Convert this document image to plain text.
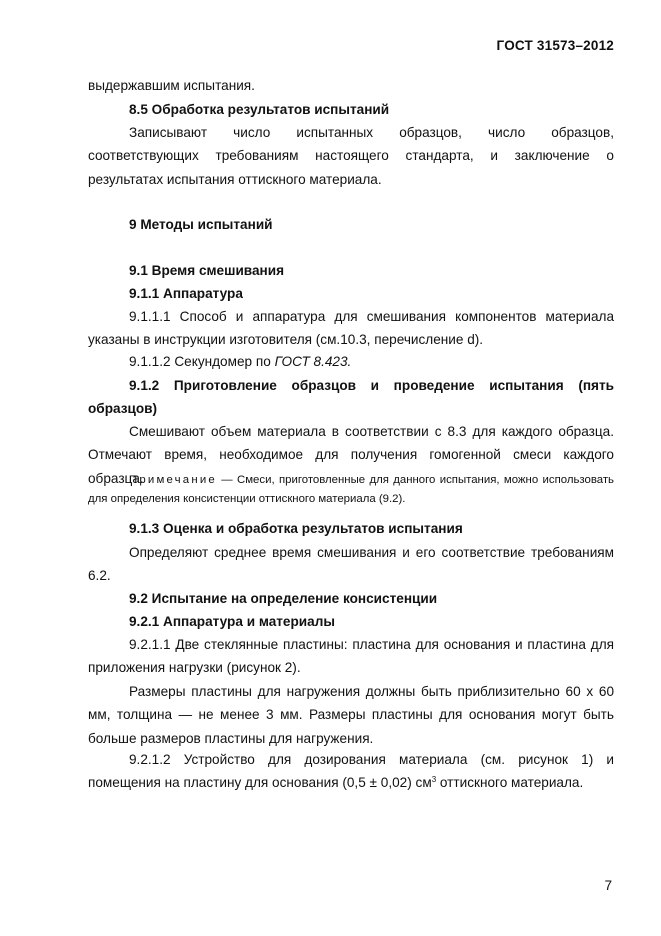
ГОСТ 31573–2012
выдержавшим испытания.
8.5 Обработка результатов испытаний
Записывают число испытанных образцов, число образцов, соответствующих требованиям настоящего стандарта, и заключение о результатах испытания оттискного материала.
9 Методы испытаний
9.1 Время смешивания
9.1.1 Аппаратура
9.1.1.1 Способ и аппаратура для смешивания компонентов материала указаны в инструкции изготовителя (см.10.3, перечисление d).
9.1.1.2 Секундомер по ГОСТ 8.423.
9.1.2 Приготовление образцов и проведение испытания (пять образцов)
Смешивают объем материала в соответствии с 8.3 для каждого образца. Отмечают время, необходимое для получения гомогенной смеси каждого образца.
Примечание — Смеси, приготовленные для данного испытания, можно использовать для определения консистенции оттискного материала (9.2).
9.1.3 Оценка и обработка результатов испытания
Определяют среднее время смешивания и его соответствие требованиям 6.2.
9.2 Испытание на определение консистенции
9.2.1 Аппаратура и материалы
9.2.1.1 Две стеклянные пластины: пластина для основания и пластина для приложения нагрузки (рисунок 2).
Размеры пластины для нагружения должны быть приблизительно 60 х 60 мм, толщина — не менее 3 мм. Размеры пластины для основания могут быть больше размеров пластины для нагружения.
9.2.1.2 Устройство для дозирования материала (см. рисунок 1) и помещения на пластину для основания (0,5 ± 0,02) $см^3$ оттискного материала.
7
